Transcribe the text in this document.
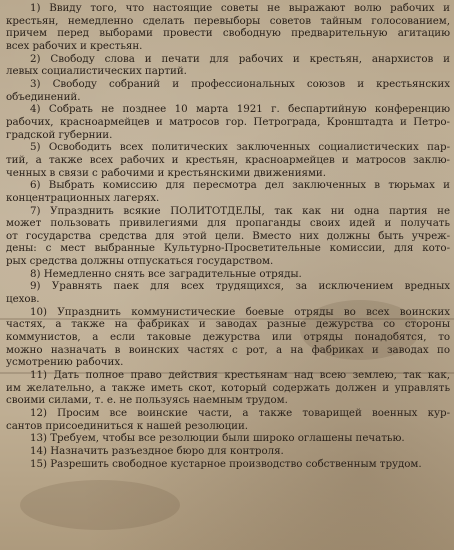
1) Ввиду того, что настоящие советы не выражают волю рабочих и
крестьян, немедленно сделать перевыборы советов тайным голосованием,
причем перед выборами провести свободную предварительную агитацию
всех рабочих и крестьян.
2) Свободу слова и печати для рабочих и крестьян, анархистов и
левых социалистических партий.
3) Свободу собраний и профессиональных союзов и крестьянских
объединений.
4) Собрать не позднее 10 марта 1921 г. беспартийную конференцию
рабочих, красноармейцев и матросов гор. Петрограда, Кронштадта и Петро-
градской губернии.
5) Освободить всех политических заключенных социалистических пар-
тий, а также всех рабочих и крестьян, красноармейцев и матросов заклю-
ченных в связи с рабочими и крестьянскими движениями.
6) Выбрать комиссию для пересмотра дел заключенных в тюрьмах и
концентрационных лагерях.
7) Упразднить всякие ПОЛИТОТДЕЛЫ, так как ни одна партия не
может пользовать привилегиями для пропаганды своих идей и получать
от государства средства для этой цели. Вместо них должны быть учреж-
дены: с мест выбранные Культурно-Просветительные комиссии, для кото-
рых средства должны отпускаться государством.
8) Немедленно снять все заградительные отряды.
9) Уравнять паек для всех трудящихся, за исключением вредных
цехов.
10) Упразднить коммунистические боевые отряды во всех воинских
частях, а также на фабриках и заводах разные дежурства со стороны
коммунистов, а если таковые дежурства или отряды понадобятся, то
можно назначать в воинских частях с рот, а на фабриках и заводах по
усмотрению рабочих.
11) Дать полное право действия крестьянам над всею землею, так как,
им желательно, а также иметь скот, который содержать должен и управлять
своими силами, т. е. не пользуясь наемным трудом.
12) Просим все воинские части, а также товарищей военных кур-
сантов присоединиться к нашей резолюции.
13) Требуем, чтобы все резолюции были широко оглашены печатью.
14) Назначить разъездное бюро для контроля.
15) Разрешить свободное кустарное производство собственным трудом.
